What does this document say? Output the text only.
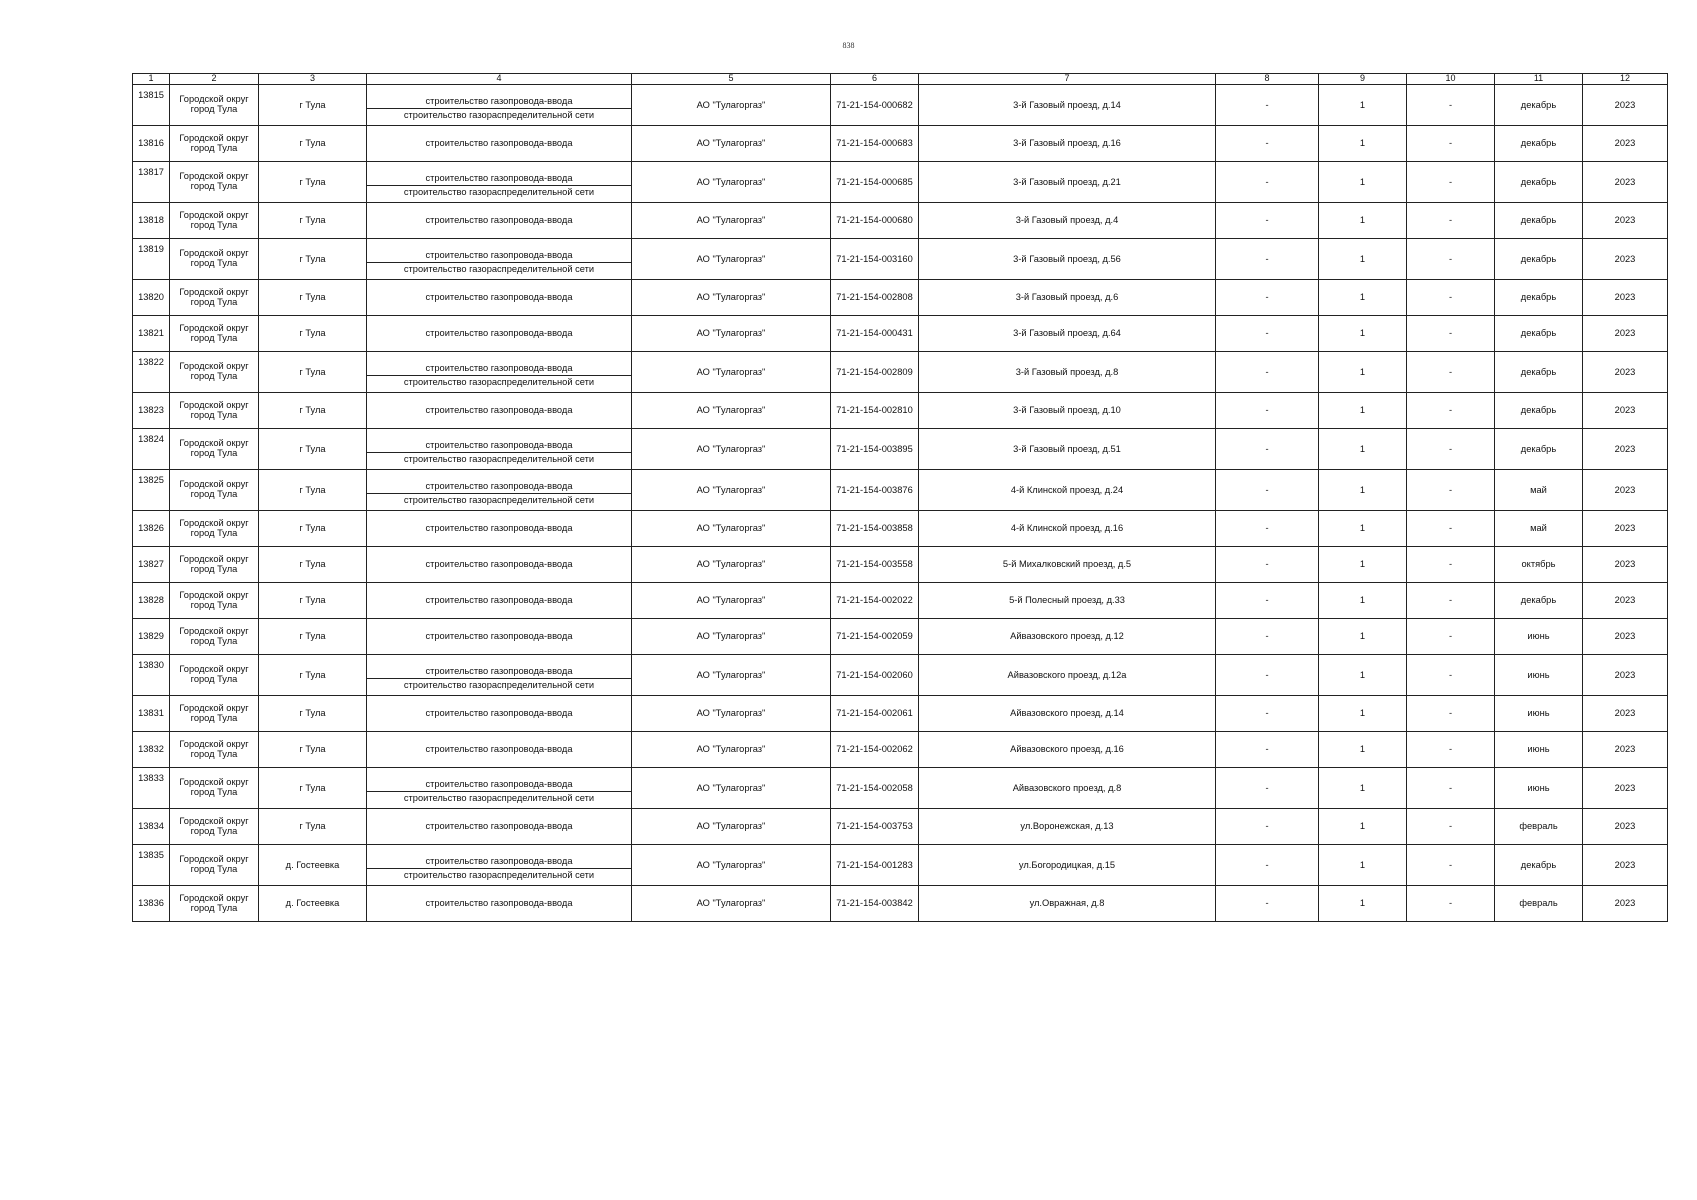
838
1	2	3	4	5	6	7	8	9	10	11	12
13815	Городской округ город Тула	г Тула	строительство газопровода-ввода
строительство газораспределительной сети	АО "Тулагоргаз"	71-21-154-000682	3-й Газовый проезд, д.14	-	1	-	декабрь	2023
13816	Городской округ город Тула	г Тула	строительство газопровода-ввода	АО "Тулагоргаз"	71-21-154-000683	3-й Газовый проезд, д.16	-	1	-	декабрь	2023
13817	Городской округ город Тула	г Тула	строительство газопровода-ввода
строительство газораспределительной сети	АО "Тулагоргаз"	71-21-154-000685	3-й Газовый проезд, д.21	-	1	-	декабрь	2023
13818	Городской округ город Тула	г Тула	строительство газопровода-ввода	АО "Тулагоргаз"	71-21-154-000680	3-й Газовый проезд, д.4	-	1	-	декабрь	2023
13819	Городской округ город Тула	г Тула	строительство газопровода-ввода
строительство газораспределительной сети	АО "Тулагоргаз"	71-21-154-003160	3-й Газовый проезд, д.56	-	1	-	декабрь	2023
13820	Городской округ город Тула	г Тула	строительство газопровода-ввода	АО "Тулагоргаз"	71-21-154-002808	3-й Газовый проезд, д.6	-	1	-	декабрь	2023
13821	Городской округ город Тула	г Тула	строительство газопровода-ввода	АО "Тулагоргаз"	71-21-154-000431	3-й Газовый проезд, д.64	-	1	-	декабрь	2023
13822	Городской округ город Тула	г Тула	строительство газопровода-ввода
строительство газораспределительной сети	АО "Тулагоргаз"	71-21-154-002809	3-й Газовый проезд, д.8	-	1	-	декабрь	2023
13823	Городской округ город Тула	г Тула	строительство газопровода-ввода	АО "Тулагоргаз"	71-21-154-002810	3-й Газовый проезд, д.10	-	1	-	декабрь	2023
13824	Городской округ город Тула	г Тула	строительство газопровода-ввода
строительство газораспределительной сети	АО "Тулагоргаз"	71-21-154-003895	3-й Газовый проезд, д.51	-	1	-	декабрь	2023
13825	Городской округ город Тула	г Тула	строительство газопровода-ввода
строительство газораспределительной сети	АО "Тулагоргаз"	71-21-154-003876	4-й Клинской проезд, д.24	-	1	-	май	2023
13826	Городской округ город Тула	г Тула	строительство газопровода-ввода	АО "Тулагоргаз"	71-21-154-003858	4-й Клинской проезд, д.16	-	1	-	май	2023
13827	Городской округ город Тула	г Тула	строительство газопровода-ввода	АО "Тулагоргаз"	71-21-154-003558	5-й Михалковский проезд, д.5	-	1	-	октябрь	2023
13828	Городской округ город Тула	г Тула	строительство газопровода-ввода	АО "Тулагоргаз"	71-21-154-002022	5-й Полесный проезд, д.33	-	1	-	декабрь	2023
13829	Городской округ город Тула	г Тула	строительство газопровода-ввода	АО "Тулагоргаз"	71-21-154-002059	Айвазовского проезд, д.12	-	1	-	июнь	2023
13830	Городской округ город Тула	г Тула	строительство газопровода-ввода
строительство газораспределительной сети	АО "Тулагоргаз"	71-21-154-002060	Айвазовского проезд, д.12а	-	1	-	июнь	2023
13831	Городской округ город Тула	г Тула	строительство газопровода-ввода	АО "Тулагоргаз"	71-21-154-002061	Айвазовского проезд, д.14	-	1	-	июнь	2023
13832	Городской округ город Тула	г Тула	строительство газопровода-ввода	АО "Тулагоргаз"	71-21-154-002062	Айвазовского проезд, д.16	-	1	-	июнь	2023
13833	Городской округ город Тула	г Тула	строительство газопровода-ввода
строительство газораспределительной сети	АО "Тулагоргаз"	71-21-154-002058	Айвазовского проезд, д.8	-	1	-	июнь	2023
13834	Городской округ город Тула	г Тула	строительство газопровода-ввода	АО "Тулагоргаз"	71-21-154-003753	ул.Воронежская, д.13	-	1	-	февраль	2023
13835	Городской округ город Тула	д. Гостеевка	строительство газопровода-ввода
строительство газораспределительной сети	АО "Тулагоргаз"	71-21-154-001283	ул.Богородицкая, д.15	-	1	-	декабрь	2023
13836	Городской округ город Тула	д. Гостеевка	строительство газопровода-ввода	АО "Тулагоргаз"	71-21-154-003842	ул.Овражная, д.8	-	1	-	февраль	2023
